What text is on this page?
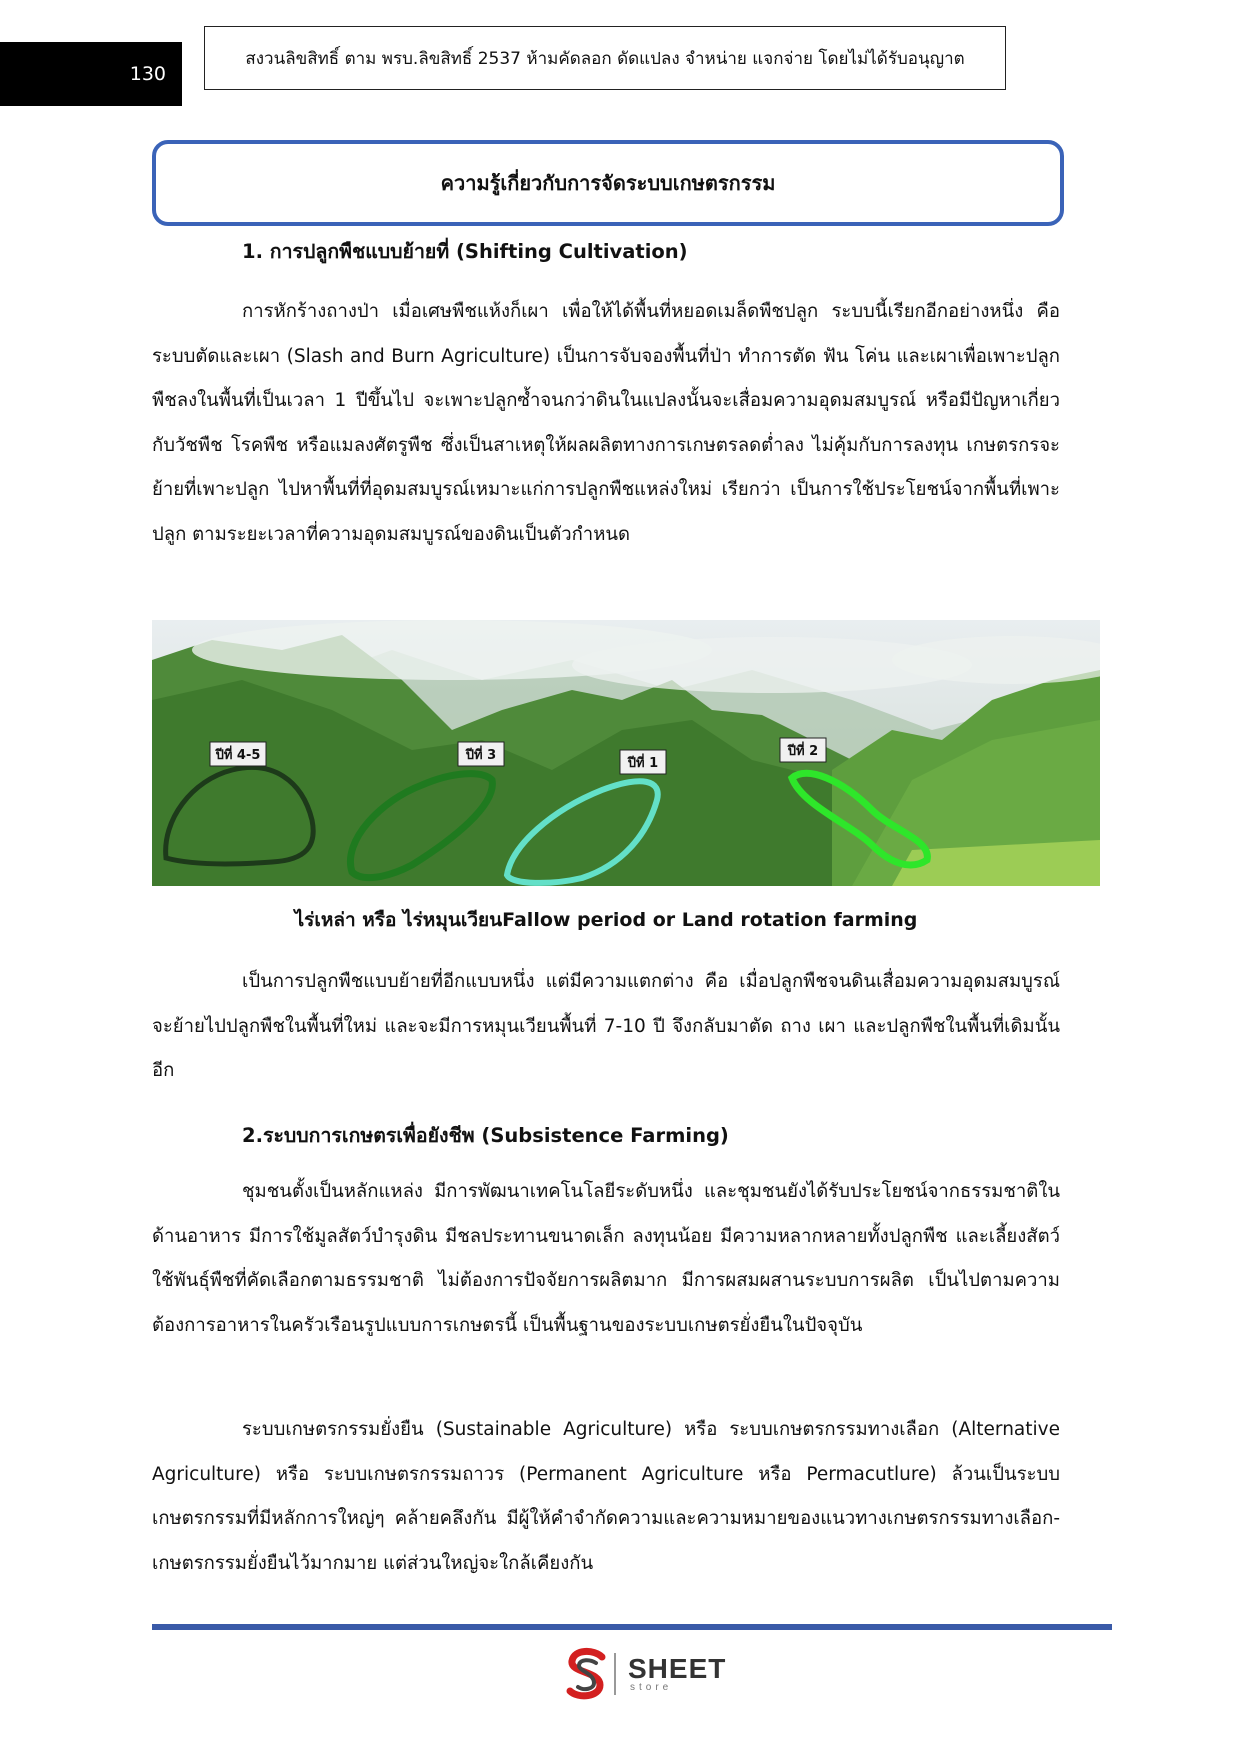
130
สงวนลิขสิทธิ์ ตาม พรบ.ลิขสิทธิ์ 2537 ห้ามคัดลอก ดัดแปลง จำหน่าย แจกจ่าย โดยไม่ได้รับอนุญาต
ความรู้เกี่ยวกับการจัดระบบเกษตรกรรม
1. การปลูกพืชแบบย้ายที่ (Shifting Cultivation)

การหักร้างถางป่า เมื่อเศษพืชแห้งก็เผา เพื่อให้ได้พื้นที่หยอดเมล็ดพืชปลูก ระบบนี้เรียกอีกอย่างหนึ่ง คือ ระบบตัดและเผา (Slash and Burn Agriculture) เป็นการจับจองพื้นที่ป่า ทำการตัด ฟัน โค่น และเผาเพื่อเพาะปลูกพืชลงในพื้นที่เป็นเวลา 1 ปีขึ้นไป จะเพาะปลูกซ้ำจนกว่าดินในแปลงนั้นจะเสื่อมความอุดมสมบูรณ์ หรือมีปัญหาเกี่ยวกับวัชพืช โรคพืช หรือแมลงศัตรูพืช ซึ่งเป็นสาเหตุให้ผลผลิตทางการเกษตรลดต่ำลง ไม่คุ้มกับการลงทุน เกษตรกรจะย้ายที่เพาะปลูก ไปหาพื้นที่ที่อุดมสมบูรณ์เหมาะแก่การปลูกพืชแหล่งใหม่ เรียกว่า เป็นการใช้ประโยชน์จากพื้นที่เพาะปลูก ตามระยะเวลาที่ความอุดมสมบูรณ์ของดินเป็นตัวกำหนด

ปีที่ 4-5	ปีที่ 3
ปีที่ 1
ปีที่ 2
ไร่เหล่า หรือ ไร่หมุนเวียนFallow period or Land rotation farming

เป็นการปลูกพืชแบบย้ายที่อีกแบบหนึ่ง แต่มีความแตกต่าง คือ เมื่อปลูกพืชจนดินเสื่อมความอุดมสมบูรณ์ จะย้ายไปปลูกพืชในพื้นที่ใหม่ และจะมีการหมุนเวียนพื้นที่ 7-10 ปี จึงกลับมาตัด ถาง เผา และปลูกพืชในพื้นที่เดิมนั้นอีก

2.ระบบการเกษตรเพื่อยังชีพ (Subsistence Farming)

ชุมชนตั้งเป็นหลักแหล่ง มีการพัฒนาเทคโนโลยีระดับหนึ่ง และชุมชนยังได้รับประโยชน์จากธรรมชาติในด้านอาหาร มีการใช้มูลสัตว์บำรุงดิน มีชลประทานขนาดเล็ก ลงทุนน้อย มีความหลากหลายทั้งปลูกพืช และเลี้ยงสัตว์ ใช้พันธุ์พืชที่คัดเลือกตามธรรมชาติ ไม่ต้องการปัจจัยการผลิตมาก มีการผสมผสานระบบการผลิต เป็นไปตามความต้องการอาหารในครัวเรือนรูปแบบการเกษตรนี้ เป็นพื้นฐานของระบบเกษตรยั่งยืนในปัจจุบัน

ระบบเกษตรกรรมยั่งยืน (Sustainable Agriculture) หรือ ระบบเกษตรกรรมทางเลือก (Alternative Agriculture) หรือ ระบบเกษตรกรรมถาวร (Permanent Agriculture หรือ Permacutlure) ล้วนเป็นระบบเกษตรกรรมที่มีหลักการใหญ่ๆ คล้ายคลึงกัน มีผู้ให้คำจำกัดความและความหมายของแนวทางเกษตรกรรมทางเลือก-เกษตรกรรมยั่งยืนไว้มากมาย แต่ส่วนใหญ่จะใกล้เคียงกัน

SHEET
store
